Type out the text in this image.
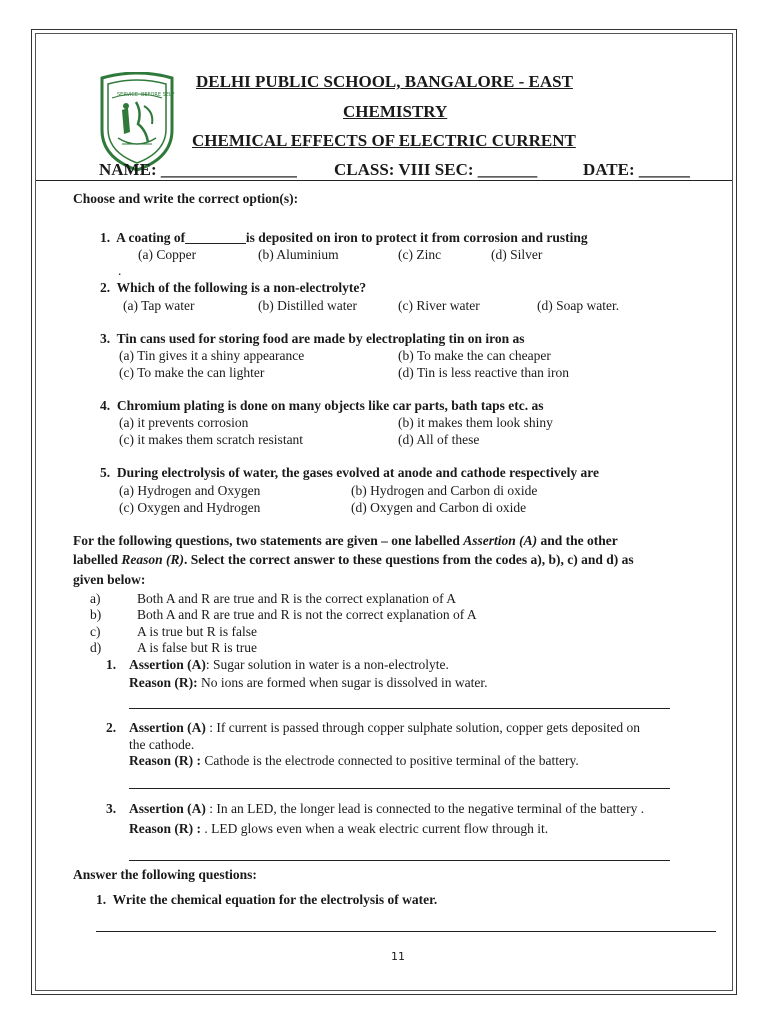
SERVICE BEFORE SELF
DELHI PUBLIC SCHOOL, BANGALORE - EAST
CHEMISTRY
CHEMICAL EFFECTS OF ELECTRIC CURRENT
NAME: ________________ CLASS: VIII SEC: _______	DATE: ______
Choose and write the correct option(s):
1. A coating of_________is deposited on iron to protect it from corrosion and rusting
(a) Copper	(b) Aluminium	(c) Zinc	(d) Silver
.
2. Which of the following is a non-electrolyte?
(a) Tap water	(b) Distilled water	(c) River water	(d) Soap water.
3. Tin cans used for storing food are made by electroplating tin on iron as
(a) Tin gives it a shiny appearance	(b) To make the can cheaper
(c) To make the can lighter	(d) Tin is less reactive than iron
4. Chromium plating is done on many objects like car parts, bath taps etc. as
(a) it prevents corrosion	(b) it makes them look shiny
(c) it makes them scratch resistant	(d) All of these
5. During electrolysis of water, the gases evolved at anode and cathode respectively are
(a) Hydrogen and Oxygen	(b) Hydrogen and Carbon di oxide
(c) Oxygen and Hydrogen	(d) Oxygen and Carbon di oxide
For the following questions, two statements are given – one labelled Assertion (A) and the other
labelled Reason (R). Select the correct answer to these questions from the codes a), b), c) and d) as
given below:
a)	Both A and R are true and R is the correct explanation of A
b)	Both A and R are true and R is not the correct explanation of A
c)	A is true but R is false
d)	A is false but R is true
1. Assertion (A): Sugar solution in water is a non-electrolyte.
Reason (R): No ions are formed when sugar is dissolved in water.
2. Assertion (A) : If current is passed through copper sulphate solution, copper gets deposited on
the cathode.
Reason (R) : Cathode is the electrode connected to positive terminal of the battery.
3. Assertion (A) : In an LED, the longer lead is connected to the negative terminal of the battery .
Reason (R) : . LED glows even when a weak electric current flow through it.
Answer the following questions:
1. Write the chemical equation for the electrolysis of water.
11
